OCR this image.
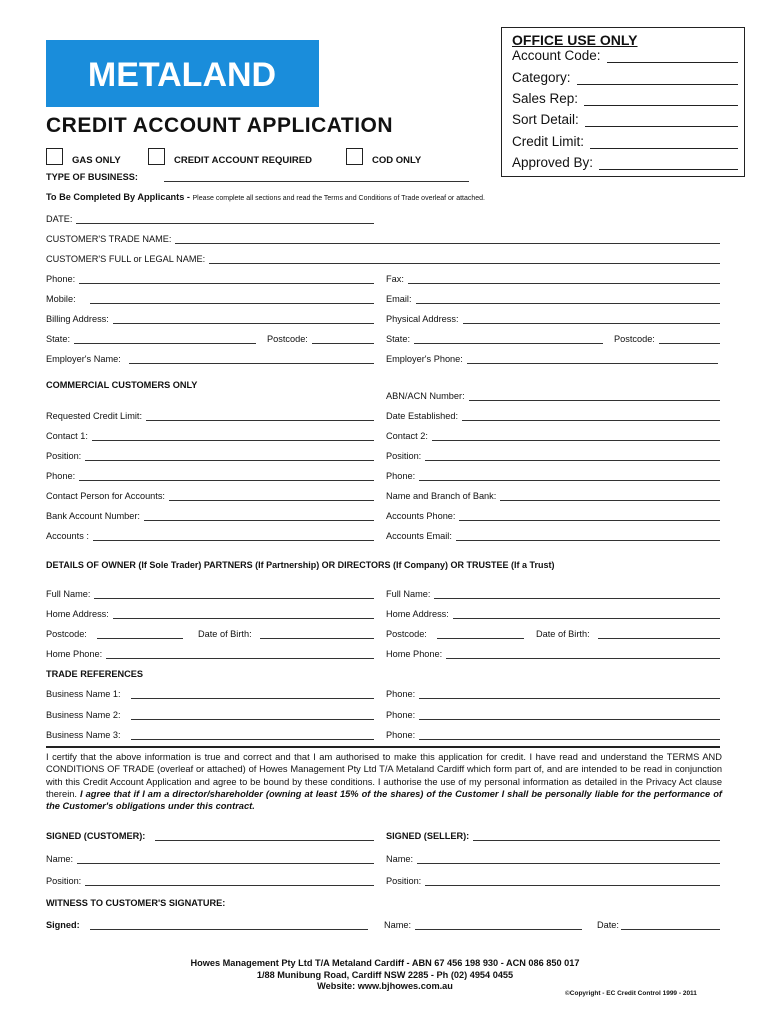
METALAND
CREDIT ACCOUNT APPLICATION
OFFICE USE ONLY
Account Code:
Category:
Sales Rep:
Sort Detail:
Credit Limit:
Approved By:
GAS ONLY	CREDIT ACCOUNT REQUIRED	COD ONLY
TYPE OF BUSINESS:
To Be Completed By Applicants - Please complete all sections and read the Terms and Conditions of Trade overleaf or attached.
DATE:
CUSTOMER'S TRADE NAME:
CUSTOMER'S FULL or LEGAL NAME:
Phone:	Fax:
Mobile:	Email:
Billing Address:	Physical Address:
State:	Postcode:	State:	Postcode:
Employer's Name:	Employer's Phone:
COMMERCIAL CUSTOMERS ONLY
ABN/ACN Number:
Requested Credit Limit:	Date Established:
Contact 1:	Contact 2:
Position:	Position:
Phone:	Phone:
Contact Person for Accounts:	Name and Branch of Bank:
Bank Account Number:	Accounts Phone:
Accounts :	Accounts Email:
DETAILS OF OWNER (If Sole Trader) PARTNERS (If Partnership) OR DIRECTORS (If Company) OR TRUSTEE (If a Trust)
Full Name:	Full Name:
Home Address:	Home Address:
Postcode:	Date of Birth:	Postcode:	Date of Birth:
Home Phone:	Home Phone:
TRADE REFERENCES
Business Name 1:	Phone:
Business Name 2:	Phone:
Business Name 3:	Phone:
I certify that the above information is true and correct and that I am authorised to make this application for credit. I have read and understand the TERMS AND CONDITIONS OF TRADE (overleaf or attached) of Howes Management Pty Ltd T/A Metaland Cardiff which form part of, and are intended to be read in conjunction with this Credit Account Application and agree to be bound by these conditions. I authorise the use of my personal information as detailed in the Privacy Act clause therein. I agree that if I am a director/shareholder (owning at least 15% of the shares) of the Customer I shall be personally liable for the performance of the Customer's obligations under this contract.
SIGNED (CUSTOMER):	SIGNED (SELLER):
Name:	Name:
Position:	Position:
WITNESS TO CUSTOMER'S SIGNATURE:
Signed:	Name:	Date:
Howes Management Pty Ltd T/A Metaland Cardiff - ABN 67 456 198 930 - ACN 086 850 017
1/88 Munibung Road, Cardiff NSW 2285 - Ph (02) 4954 0455
Website: www.bjhowes.com.au
©Copyright - EC Credit Control 1999 - 2011
